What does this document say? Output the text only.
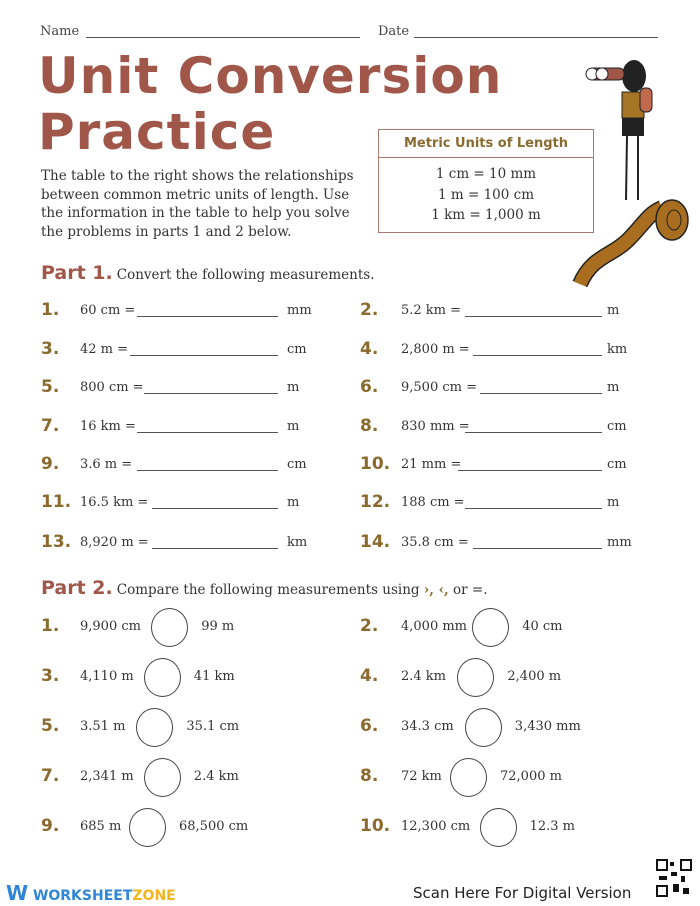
Name	Date
Unit Conversion
Practice
The table to the right shows the relationships between common metric units of length. Use the information in the table to help you solve the problems in parts 1 and 2 below.
Metric Units of Length
1 cm = 10 mm
1 m = 100 cm
1 km = 1,000 m
Part 1. Convert the following measurements.
Part 2. Compare the following measurements using ›, ‹, or =.
W WORKSHEETZONE	Scan Here For Digital Version
1. 60 cm =	mm	2. 5.2 km =	m
3. 42 m =	cm	4. 2,800 m =	km
5. 800 cm =	m	6. 9,500 cm =	m
7. 16 km =	m	8. 830 mm =	cm
9. 3.6 m =	cm	10. 21 mm =	cm
11. 16.5 km =	m	12. 188 cm =	m
13. 8,920 m =	km	14. 35.8 cm =	mm
1. 9,900 cm	99 m	2. 4,000 mm	40 cm
3. 4,110 m	41 km	4. 2.4 km	2,400 m
5. 3.51 m	35.1 cm	6. 34.3 cm	3,430 mm
7. 2,341 m	2.4 km	8. 72 km	72,000 m
9. 685 m	68,500 cm	10. 12,300 cm	12.3 m
